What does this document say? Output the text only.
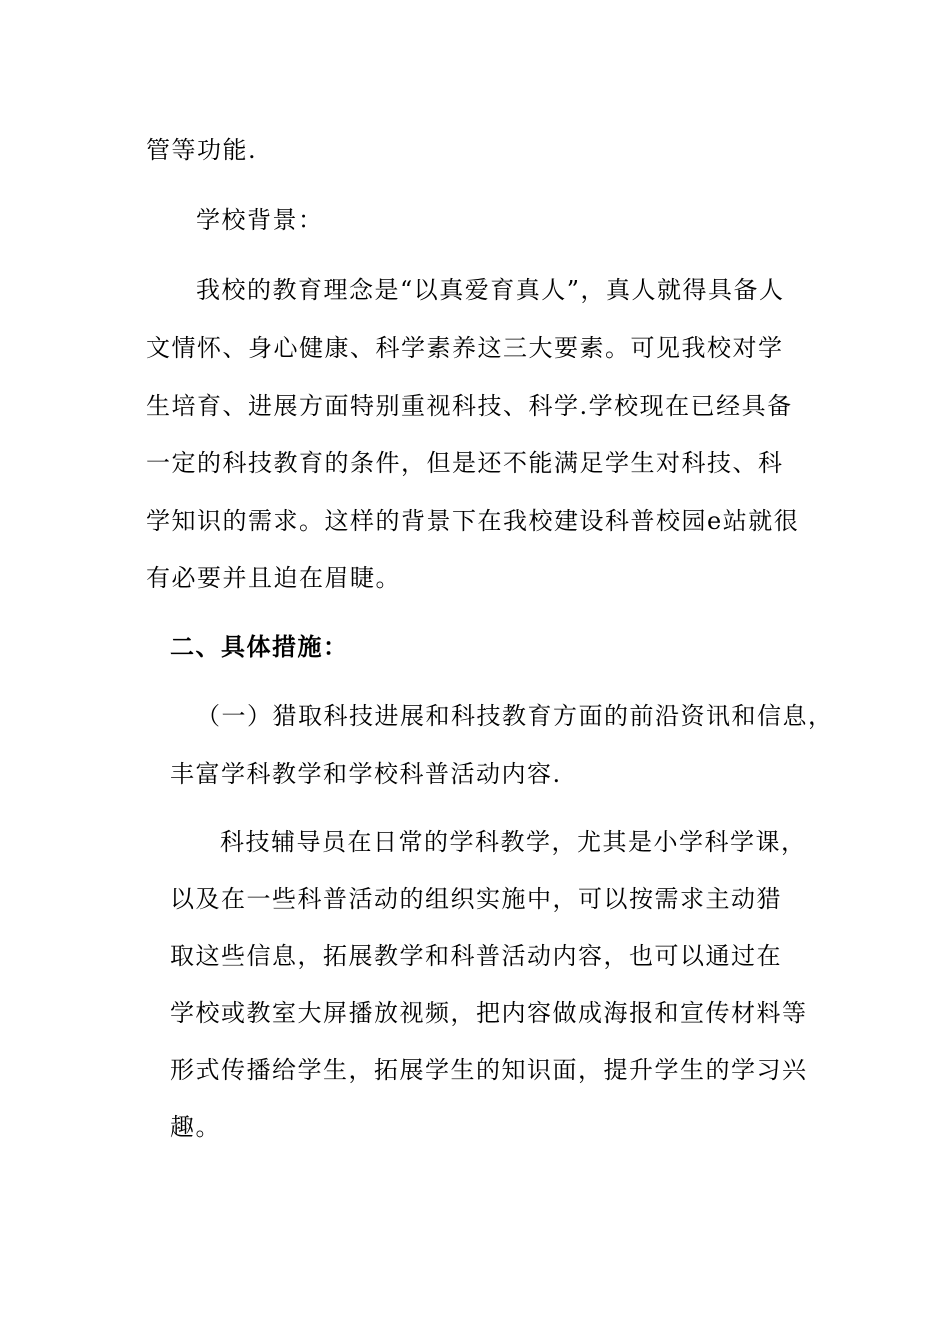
管等功能.
学校背景：
我校的教育理念是“以真爱育真人”，真人就得具备人
文情怀、身心健康、科学素养这三大要素。可见我校对学
生培育、进展方面特别重视科技、科学.学校现在已经具备
一定的科技教育的条件，但是还不能满足学生对科技、科
学知识的需求。这样的背景下在我校建设科普校园e站就很
有必要并且迫在眉睫。
二、具体措施：
（一）猎取科技进展和科技教育方面的前沿资讯和信息，
丰富学科教学和学校科普活动内容.
科技辅导员在日常的学科教学，尤其是小学科学课，
以及在一些科普活动的组织实施中，可以按需求主动猎
取这些信息，拓展教学和科普活动内容，也可以通过在
学校或教室大屏播放视频，把内容做成海报和宣传材料等
形式传播给学生，拓展学生的知识面，提升学生的学习兴
趣。
